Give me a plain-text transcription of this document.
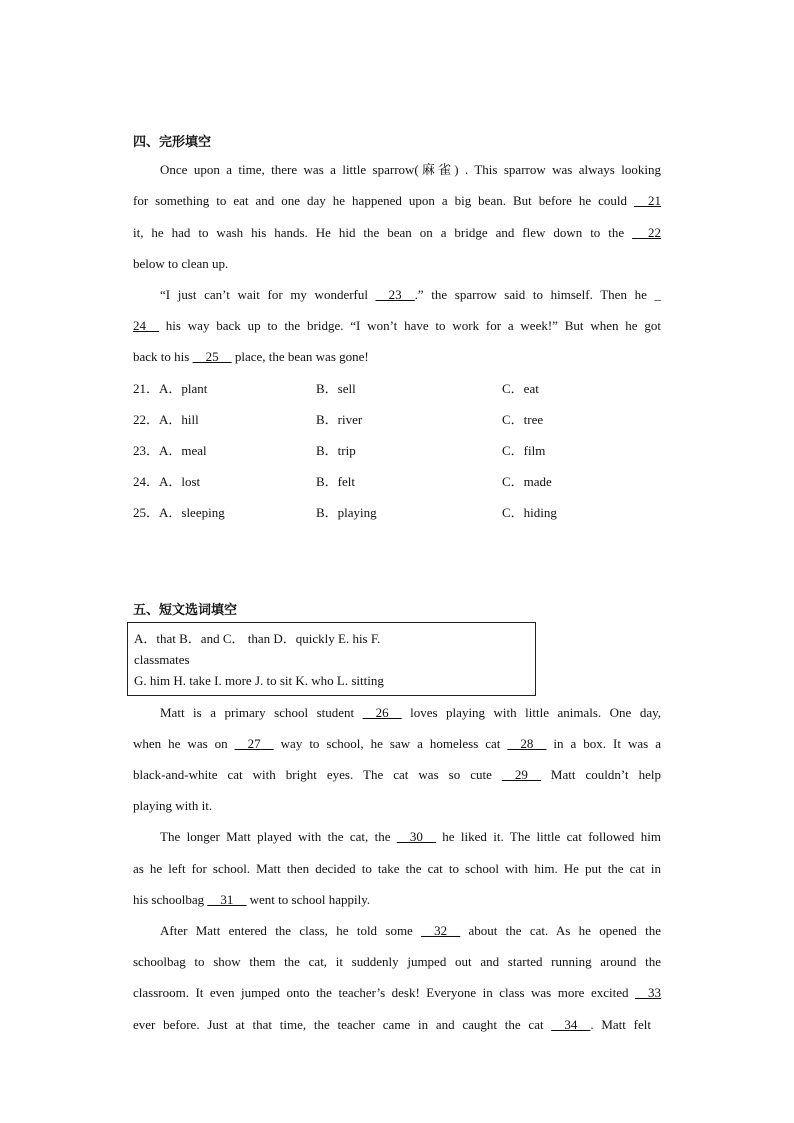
四、完形填空
Once upon a time, there was a little sparrow(麻雀) . This sparrow was always looking
for something to eat and one day he happened upon a big bean. But before he could   21
it, he had to wash his hands. He hid the bean on a bridge and flew down to the   22
below to clean up.
“I just can’t wait for my wonderful __23__.” the sparrow said to himself. Then he _
24__ his way back up to the bridge. “I won’t have to work for a week!” But when he got
back to his __25__ place, the bean was gone!
21．A．plant	B．sell	C．eat
22．A．hill	B．river	C．tree
23．A．meal	B．trip	C．film
24．A．lost	B．felt	C．made
25．A．sleeping	B．playing	C．hiding
五、短文选词填空
A．that B．and C． than D．quickly E. his F.
classmates
G. him H. take I. more J. to sit K. who L. sitting
Matt is a primary school student __26__ loves playing with little animals. One day,
when he was on __27__ way to school, he saw a homeless cat __28__ in a box. It was a
black-and-white cat with bright eyes. The cat was so cute __29__ Matt couldn’t help
playing with it.
The longer Matt played with the cat, the __30__ he liked it. The little cat followed him
as he left for school. Matt then decided to take the cat to school with him. He put the cat in
his schoolbag __31__ went to school happily.
After Matt entered the class, he told some __32__ about the cat. As he opened the
schoolbag to show them the cat, it suddenly jumped out and started running around the
classroom. It even jumped onto the teacher’s desk! Everyone in class was more excited __33
ever before. Just at that time, the teacher came in and caught the cat __34__. Matt felt
